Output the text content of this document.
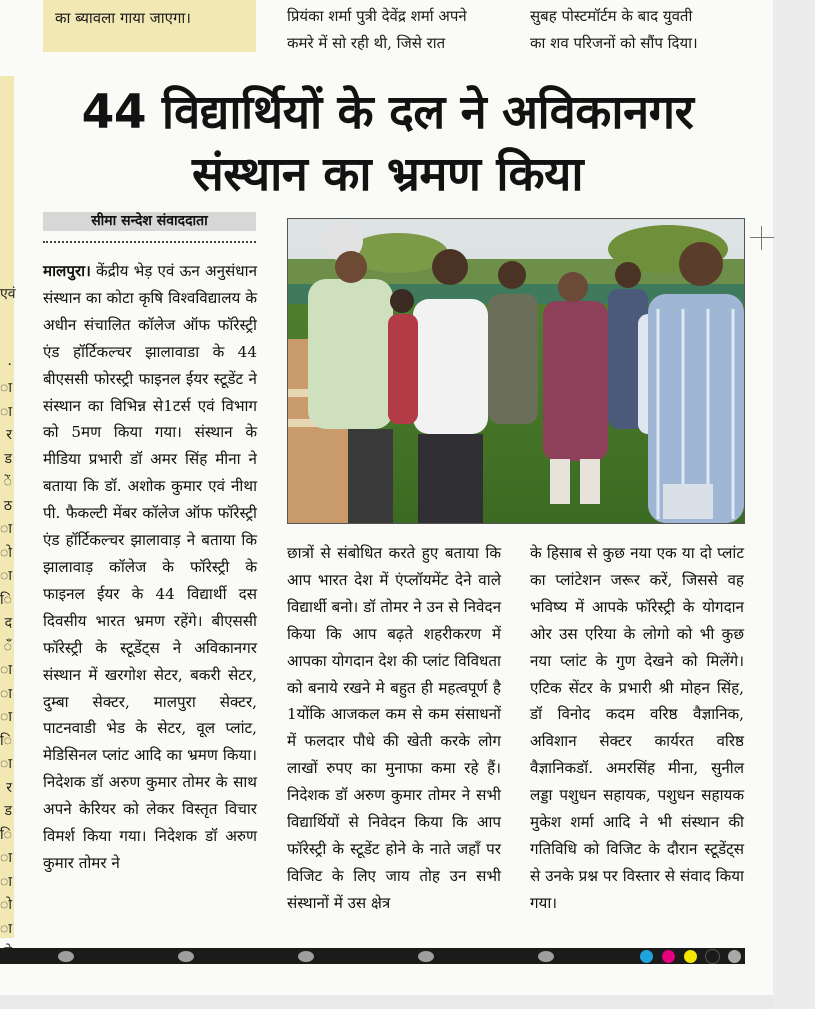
का ब्यावला गाया जाएगा।	प्रियंका शर्मा पुत्री देवेंद्र शर्मा अपने
कमरे में सो रही थी, जिसे रात
सुबह पोस्टमॉर्टम के बाद युवती
का शव परिजनों को सौंप दिया।
एवं
·
ा
ा
र
ड
ें
ठ
ा
ो
ा
ि
द
ँ
ा
ा
ा
ि
ा
र
ड
ि
ा
ा
ो
ा
44 विद्यार्थियों के दल ने अविकानगर
संस्थान का भ्रमण किया
सीमा सन्देश संवाददाता

मालपुरा। केंद्रीय भेड़ एवं ऊन अनुसंधान संस्थान का कोटा कृषि विश्वविद्यालय के अधीन संचालित कॉलेज ऑफ फॉरेस्ट्री एंड हॉर्टिकल्चर झालावाडा के 44 बीएससी फोरस्ट्री फाइनल ईयर स्टूडेंट ने संस्थान का विभिन्न से1टर्स एवं विभाग को 5मण किया गया। संस्थान के मीडिया प्रभारी डॉ अमर सिंह मीना ने बताया कि डॉ. अशोक कुमार एवं नीथा पी. फैकल्टी मेंबर कॉलेज ऑफ फॉरेस्ट्री एंड हॉर्टिकल्चर झालावाड़ ने बताया कि झालावाड़ कॉलेज के फॉरेस्ट्री के फाइनल ईयर के 44 विद्यार्थी दस दिवसीय भारत भ्रमण रहेंगे। बीएससी फॉरेस्ट्री के स्टूडेंट्स ने अविकानगर संस्थान में खरगोश सेटर, बकरी सेटर, दुम्बा सेक्टर, मालपुरा सेक्टर, पाटनवाडी भेड के सेटर, वूल प्लांट, मेडिसिनल प्लांट आदि का भ्रमण किया। निदेशक डॉ अरुण कुमार तोमर के साथ अपने केरियर को लेकर विस्तृत विचार विमर्श किया गया। निदेशक डॉ अरुण कुमार तोमर ने

छात्रों से संबोधित करते हुए बताया कि आप भारत देश में एंप्लॉयमेंट देने वाले विद्यार्थी बनो। डॉ तोमर ने उन से निवेदन किया कि आप बढ़ते शहरीकरण में आपका योगदान देश की प्लांट विविधता को बनाये रखने मे बहुत ही महत्वपूर्ण है 1योंकि आजकल कम से कम संसाधनों में फलदार पौधे की खेती करके लोग लाखों रुपए का मुनाफा कमा रहे हैं। निदेशक डॉ अरुण कुमार तोमर ने सभी विद्यार्थियों से निवेदन किया कि आप फॉरेस्ट्री के स्टूडेंट होने के नाते जहाँ पर विजिट के लिए जाय तोह उन सभी संस्थानों में उस क्षेत्र

के हिसाब से कुछ नया एक या दो प्लांट का प्लांटेशन जरूर करें, जिससे वह भविष्य में आपके फॉरेस्ट्री के योगदान ओर उस एरिया के लोगो को भी कुछ नया प्लांट के गुण देखने को मिलेंगे। एटिक सेंटर के प्रभारी श्री मोहन सिंह, डॉ विनोद कदम वरिष्ठ वैज्ञानिक, अविशान सेक्टर कार्यरत वरिष्ठ वैज्ञानिकडॉ. अमरसिंह मीना, सुनील लड्डा पशुधन सहायक, पशुधन सहायक मुकेश शर्मा आदि ने भी संस्थान की गतिविधि को विजिट के दौरान स्टूडेंट्स से उनके प्रश्न पर विस्तार से संवाद किया गया।
